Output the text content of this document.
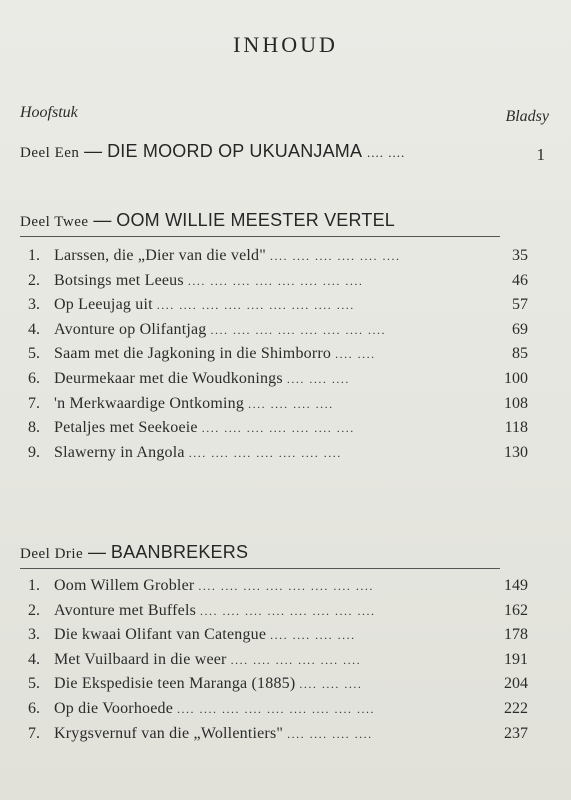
INHOUD
Hoofstuk	Bladsy
Deel Een — DIE MOORD OP UKUANJAMA .... ....	1
Deel Twee — OOM WILLIE MEESTER VERTEL
1. Larssen, die „Dier van die veld" .... .... .... .... .... ....	35
2. Botsings met Leeus .... .... .... .... .... .... .... ....	46
3. Op Leeujag uit .... .... .... .... .... .... .... .... ....	57
4. Avonture op Olifantjag .... .... .... .... .... .... .... ....	69
5. Saam met die Jagkoning in die Shimborro .... ....	85
6. Deurmekaar met die Woudkonings .... .... ....	100
7. 'n Merkwaardige Ontkoming .... .... .... ....	108
8. Petaljes met Seekoeie .... .... .... .... .... .... ....	118
9. Slawerny in Angola .... .... .... .... .... .... ....	130
Deel Drie — BAANBREKERS
1. Oom Willem Grobler .... .... .... .... .... .... .... ....	149
2. Avonture met Buffels .... .... .... .... .... .... .... ....	162
3. Die kwaai Olifant van Catengue .... .... .... ....	178
4. Met Vuilbaard in die weer .... .... .... .... .... ....	191
5. Die Ekspedisie teen Maranga (1885) .... .... ....	204
6. Op die Voorhoede .... .... .... .... .... .... .... .... ....	222
7. Krygsvernuf van die „Wollentiers" .... .... .... ....	237
